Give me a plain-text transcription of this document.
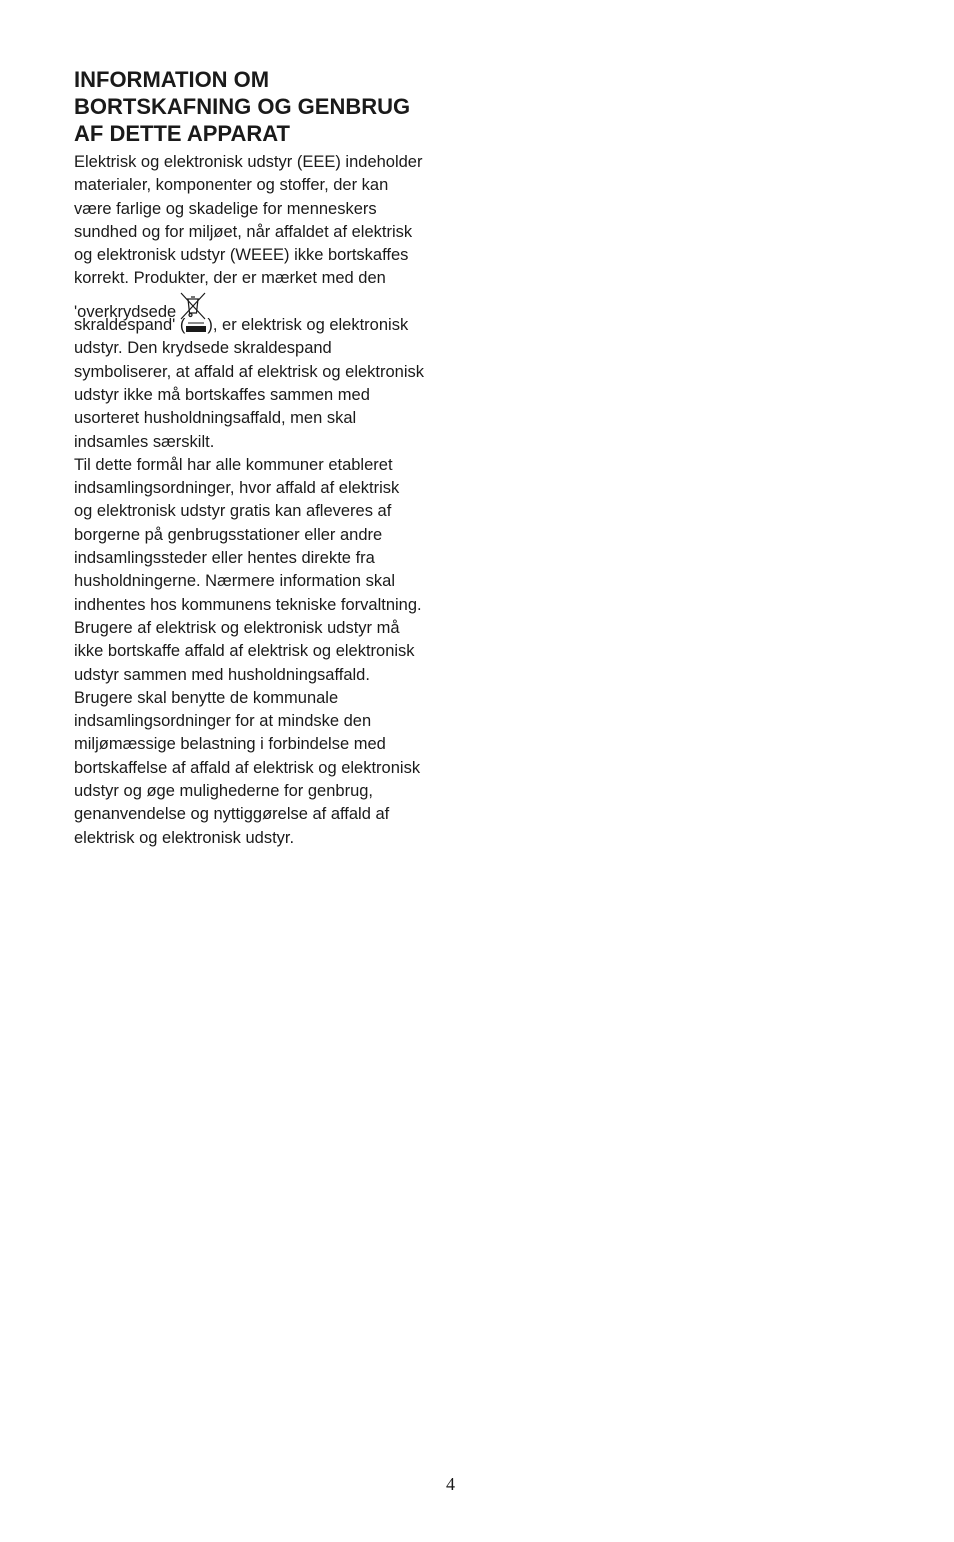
INFORMATION OM
BORTSKAFNING OG GENBRUG
AF DETTE APPARAT
Elektrisk og elektronisk udstyr (EEE) indeholder
materialer, komponenter og stoffer, der kan
være farlige og skadelige for menneskers
sundhed og for miljøet, når affaldet af elektrisk
og elektronisk udstyr (WEEE) ikke bortskaffes
korrekt. Produkter, der er mærket med den
'overkrydsede
skraldespand' ( ), er elektrisk og elektronisk
udstyr. Den krydsede skraldespand
symboliserer, at affald af elektrisk og elektronisk
udstyr ikke må bortskaffes sammen med
usorteret husholdningsaffald, men skal
indsamles særskilt.
Til dette formål har alle kommuner etableret
indsamlingsordninger, hvor affald af elektrisk
og elektronisk udstyr gratis kan afleveres af
borgerne på genbrugsstationer eller andre
indsamlingssteder eller hentes direkte fra
husholdningerne. Nærmere information skal
indhentes hos kommunens tekniske forvaltning.
Brugere af elektrisk og elektronisk udstyr må
ikke bortskaffe affald af elektrisk og elektronisk
udstyr sammen med husholdningsaffald.
Brugere skal benytte de kommunale
indsamlingsordninger for at mindske den
miljømæssige belastning i forbindelse med
bortskaffelse af affald af elektrisk og elektronisk
udstyr og øge mulighederne for genbrug,
genanvendelse og nyttiggørelse af affald af
elektrisk og elektronisk udstyr.
4
